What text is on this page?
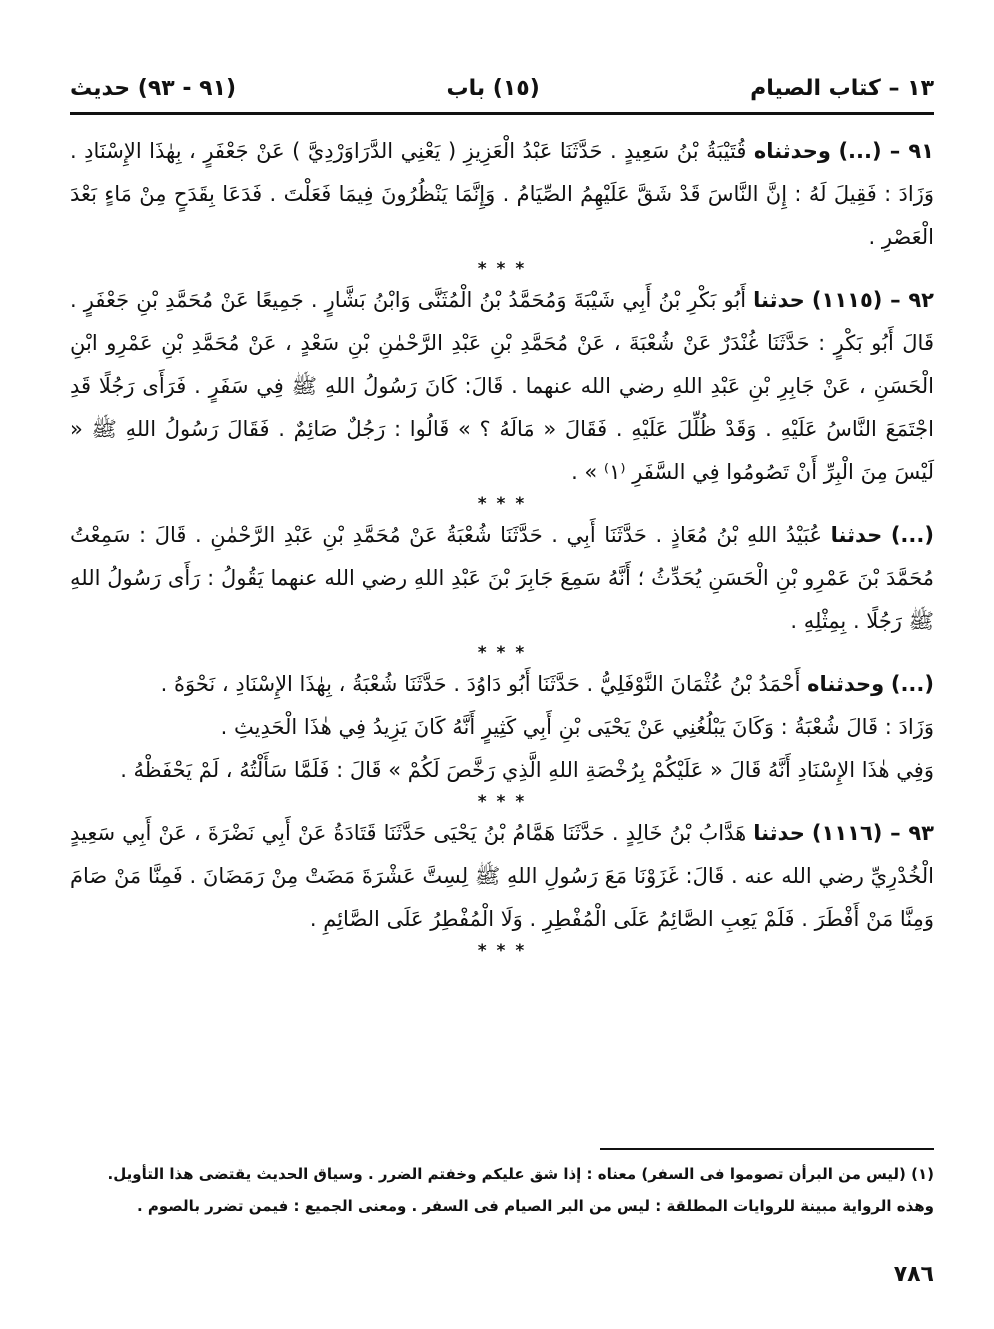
١٣ – كتاب الصيام
(١٥) باب
(٩١ - ٩٣) حديث

٩١ – (...) وحدثناه قُتَيْبَةُ بْنُ سَعِيدٍ . حَدَّثَنَا عَبْدُ الْعَزِيزِ ( يَعْنِي الدَّرَاوَرْدِيَّ ) عَنْ جَعْفَرٍ ، بِهٰذَا الإِسْنَادِ . وَزَادَ : فَقِيلَ لَهُ : إِنَّ النَّاسَ قَدْ شَقَّ عَلَيْهِمُ الصِّيَامُ . وَإِنَّمَا يَنْظُرُونَ فِيمَا فَعَلْتَ . فَدَعَا بِقَدَحٍ مِنْ مَاءٍ بَعْدَ الْعَصْرِ .

* * *

٩٢ – (١١١٥) حدثنا أَبُو بَكْرِ بْنُ أَبِي شَيْبَةَ وَمُحَمَّدُ بْنُ الْمُثَنَّى وَابْنُ بَشَّارٍ . جَمِيعًا عَنْ مُحَمَّدِ بْنِ جَعْفَرٍ . قَالَ أَبُو بَكْرٍ : حَدَّثَنَا غُنْدَرٌ عَنْ شُعْبَةَ ، عَنْ مُحَمَّدِ بْنِ عَبْدِ الرَّحْمٰنِ بْنِ سَعْدٍ ، عَنْ مُحَمَّدِ بْنِ عَمْرِو ابْنِ الْحَسَنِ ، عَنْ جَابِرِ بْنِ عَبْدِ اللهِ رضي الله عنهما . قَالَ: كَانَ رَسُولُ اللهِ ﷺ فِي سَفَرٍ . فَرَأَى رَجُلًا قَدِ اجْتَمَعَ النَّاسُ عَلَيْهِ . وَقَدْ ظُلِّلَ عَلَيْهِ . فَقَالَ « مَالَهُ ؟ » قَالُوا : رَجُلٌ صَائِمٌ . فَقَالَ رَسُولُ اللهِ ﷺ « لَيْسَ مِنَ الْبِرِّ أَنْ تَصُومُوا فِي السَّفَرِ ⁽١⁾ » .

* * *

(...) حدثنا عُبَيْدُ اللهِ بْنُ مُعَاذٍ . حَدَّثَنَا أَبِي . حَدَّثَنَا شُعْبَةُ عَنْ مُحَمَّدِ بْنِ عَبْدِ الرَّحْمٰنِ . قَالَ : سَمِعْتُ مُحَمَّدَ بْنَ عَمْرِو بْنِ الْحَسَنِ يُحَدِّثُ ؛ أَنَّهُ سَمِعَ جَابِرَ بْنَ عَبْدِ اللهِ رضي الله عنهما يَقُولُ : رَأَى رَسُولُ اللهِ ﷺ رَجُلًا . بِمِثْلِهِ .

* * *

(...) وحدثناه أَحْمَدُ بْنُ عُثْمَانَ النَّوْفَلِيُّ . حَدَّثَنَا أَبُو دَاوُدَ . حَدَّثَنَا شُعْبَةُ ، بِهٰذَا الإِسْنَادِ ، نَحْوَهُ .

وَزَادَ : قَالَ شُعْبَةُ : وَكَانَ يَبْلُغُنِي عَنْ يَحْيَى بْنِ أَبِي كَثِيرٍ أَنَّهُ كَانَ يَزِيدُ فِي هٰذَا الْحَدِيثِ .

وَفِي هٰذَا الإِسْنَادِ أَنَّهُ قَالَ « عَلَيْكُمْ بِرُخْصَةِ اللهِ الَّذِي رَخَّصَ لَكُمْ » قَالَ : فَلَمَّا سَأَلْتُهُ ، لَمْ يَحْفَظْهُ .

* * *

٩٣ – (١١١٦) حدثنا هَدَّابُ بْنُ خَالِدٍ . حَدَّثَنَا هَمَّامُ بْنُ يَحْيَى حَدَّثَنَا قَتَادَةُ عَنْ أَبِي نَضْرَةَ ، عَنْ أَبِي سَعِيدٍ الْخُدْرِيِّ رضي الله عنه . قَالَ: غَزَوْنَا مَعَ رَسُولِ اللهِ ﷺ لِسِتَّ عَشْرَةَ مَضَتْ مِنْ رَمَضَانَ . فَمِنَّا مَنْ صَامَ وَمِنَّا مَنْ أَفْطَرَ . فَلَمْ يَعِبِ الصَّائِمُ عَلَى الْمُفْطِرِ . وَلَا الْمُفْطِرُ عَلَى الصَّائِمِ .

* * *

(١) (ليس من البرأن تصوموا فى السفر) معناه : إذا شق عليكم وخفتم الضرر . وسياق الحديث يقتضى هذا التأويل.

وهذه الرواية مبينة للروايات المطلقة : ليس من البر الصيام فى السفر . ومعنى الجميع : فيمن تضرر بالصوم .

٧٨٦
